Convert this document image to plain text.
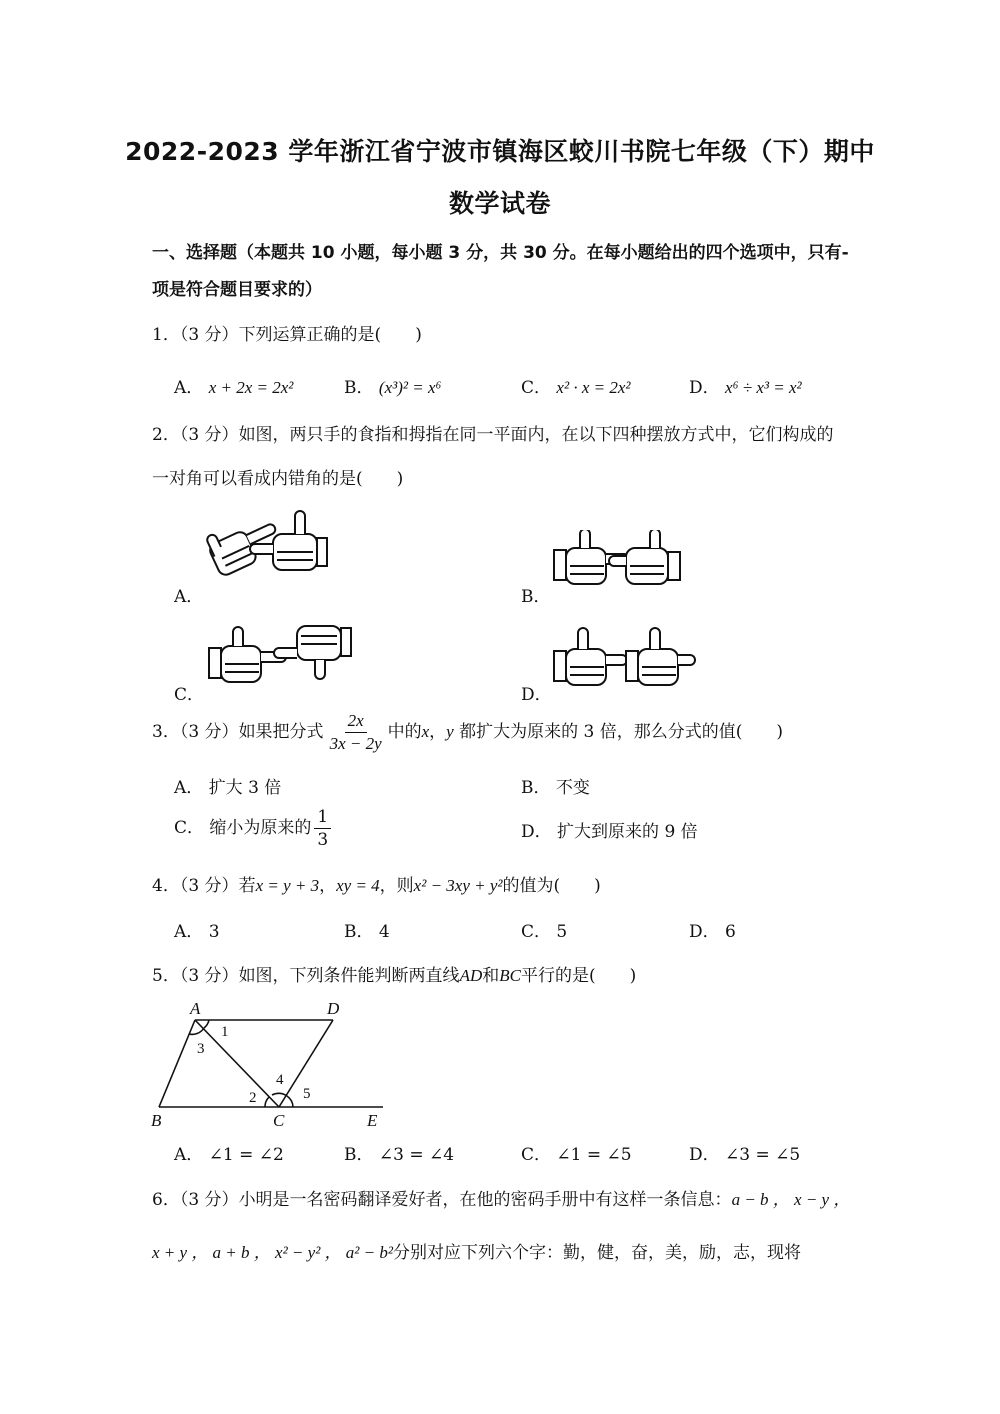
2022-2023 学年浙江省宁波市镇海区蛟川书院七年级（下）期中
数学试卷
一、选择题（本题共 10 小题，每小题 3 分，共 30 分。在每小题给出的四个选项中，只有-
项是符合题目要求的）
1．（3 分）下列运算正确的是(　　)
A． x + 2x = 2x²	B． (x³)² = x⁶	C． x² · x = 2x²	D． x⁶ ÷ x³ = x²
2．（3 分）如图，两只手的食指和拇指在同一平面内，在以下四种摆放方式中，它们构成的
一对角可以看成内错角的是(　　)
A．	B．
C．	D．
3．（3 分）如果把分式 $\frac{2x}{3x - 2y}$ 中的x，y 都扩大为原来的 3 倍，那么分式的值(　　)
A． 扩大 3 倍	B． 不变
C． 缩小为原来的 $\frac{1}{3}$	D． 扩大到原来的 9 倍
4．（3 分）若x = y + 3，xy = 4，则x² − 3xy + y²的值为(　　)
A． 3	B． 4	C． 5	D． 6
5．（3 分）如图，下列条件能判断两直线AD和BC平行的是(　　)
A	D
B	C	E
1
3
4
2	5
A． ∠1 = ∠2	B． ∠3 = ∠4	C． ∠1 = ∠5	D． ∠3 = ∠5
6．（3 分）小明是一名密码翻译爱好者，在他的密码手册中有这样一条信息：a − b ， x − y ，
x + y ， a + b ， x² − y² ， a² − b²分别对应下列六个字：勤，健，奋，美，励，志，现将
